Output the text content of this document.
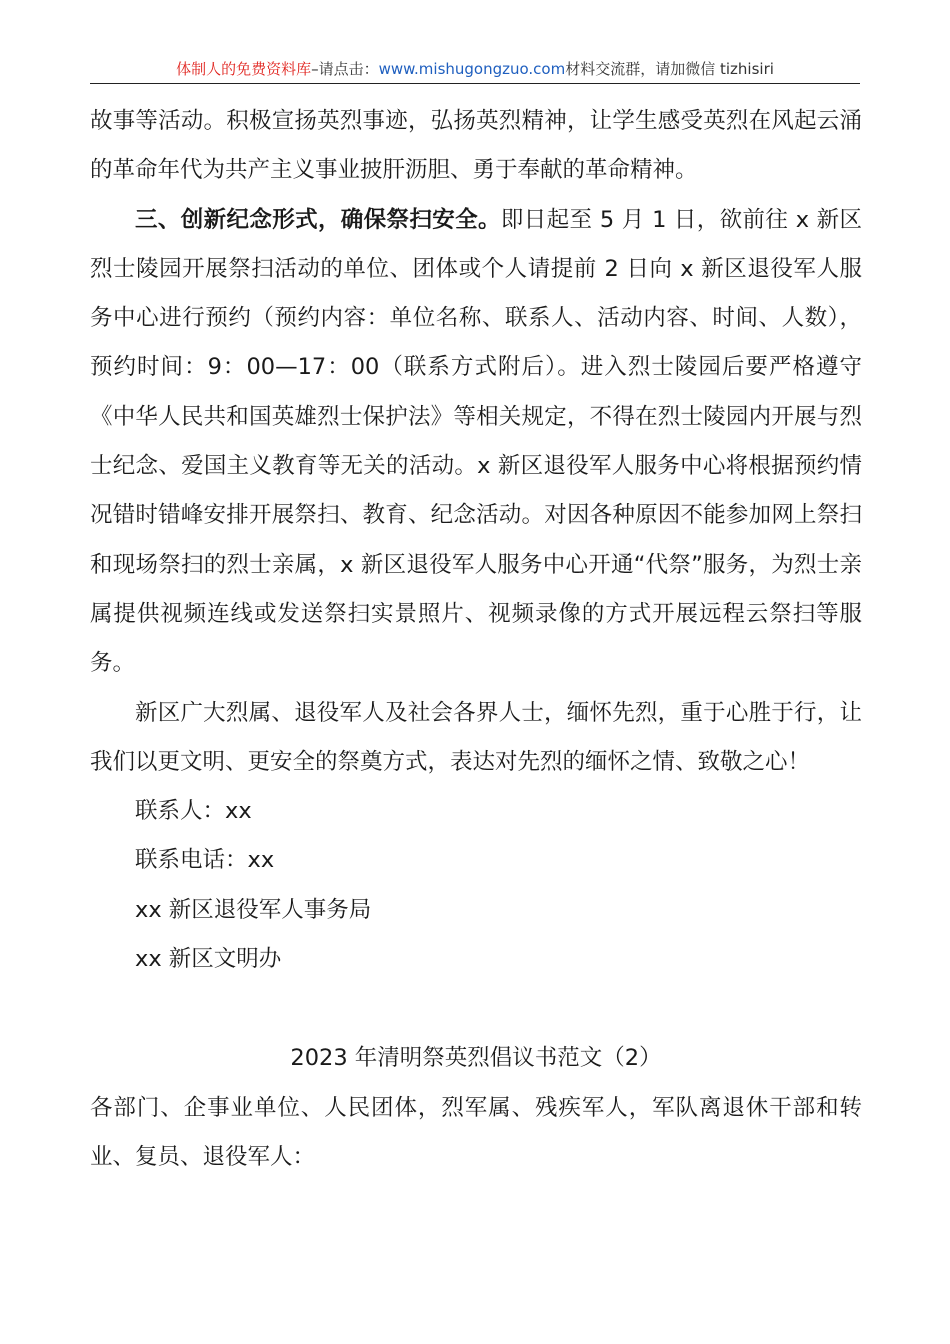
体制人的免费资料库–请点击：www.mishugongzuo.com材料交流群，请加微信 tizhisiri

故事等活动。积极宣扬英烈事迹，弘扬英烈精神，让学生感受英烈在风起云涌的革命年代为共产主义事业披肝沥胆、勇于奉献的革命精神。

三、创新纪念形式，确保祭扫安全。即日起至 5 月 1 日，欲前往 x 新区烈士陵园开展祭扫活动的单位、团体或个人请提前 2 日向 x 新区退役军人服务中心进行预约（预约内容：单位名称、联系人、活动内容、时间、人数），预约时间：9：00—17：00（联系方式附后）。进入烈士陵园后要严格遵守《中华人民共和国英雄烈士保护法》等相关规定，不得在烈士陵园内开展与烈士纪念、爱国主义教育等无关的活动。x 新区退役军人服务中心将根据预约情况错时错峰安排开展祭扫、教育、纪念活动。对因各种原因不能参加网上祭扫和现场祭扫的烈士亲属，x 新区退役军人服务中心开通“代祭”服务，为烈士亲属提供视频连线或发送祭扫实景照片、视频录像的方式开展远程云祭扫等服务。

新区广大烈属、退役军人及社会各界人士，缅怀先烈，重于心胜于行，让我们以更文明、更安全的祭奠方式，表达对先烈的缅怀之情、致敬之心！

联系人：xx

联系电话：xx

xx 新区退役军人事务局

xx 新区文明办

2023 年清明祭英烈倡议书范文（2）

各部门、企事业单位、人民团体，烈军属、残疾军人，军队离退休干部和转业、复员、退役军人：
